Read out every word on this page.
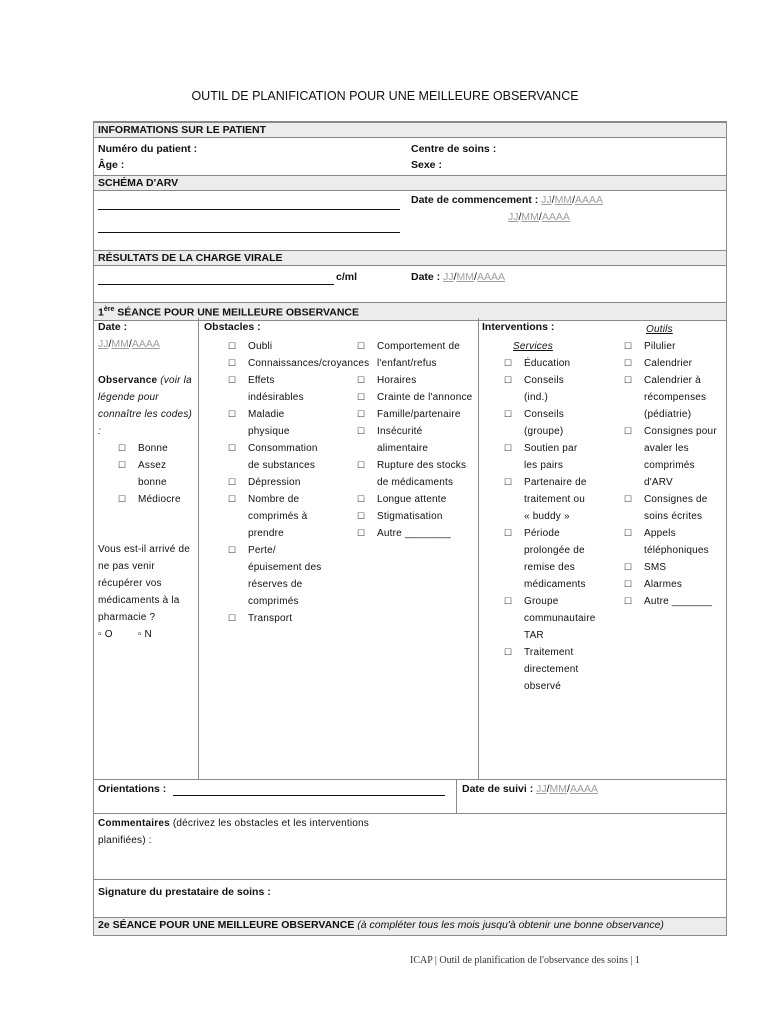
OUTIL DE PLANIFICATION POUR UNE MEILLEURE OBSERVANCE
INFORMATIONS SUR LE PATIENT
Numéro du patient :
Âge :
Centre de soins :
Sexe :
SCHÉMA D'ARV
Date de commencement : JJ/MM/AAAA
JJ/MM/AAAA
RÉSULTATS DE LA CHARGE VIRALE
c/ml	Date : JJ/MM/AAAA
1ère SÉANCE POUR UNE MEILLEURE OBSERVANCE
Date :
JJ/MM/AAAA
Observance (voir la légende pour connaître les codes) :
☐	Bonne
☐	Assez bonne
☐	Médiocre
Vous est-il arrivé de ne pas venir récupérer vos médicaments à la pharmacie ?
▫ O ▫ N
Obstacles :
☐	Oubli
☐	Connaissances/croyances
☐	Effets indésirables
☐	Maladie physique
☐	Consommation de substances
☐	Dépression
☐	Nombre de comprimés à prendre
☐	Perte/épuisement des réserves de comprimés
☐	Transport
☐	Comportement de l'enfant/refus
☐	Horaires
☐	Crainte de l'annonce
☐	Famille/partenaire
☐	Insécurité alimentaire
☐	Rupture des stocks de médicaments
☐	Longue attente
☐	Stigmatisation
☐	Autre ________
Interventions :
Services
Outils
☐	Éducation
☐	Conseils (ind.)
☐	Conseils (groupe)
☐	Soutien par les pairs
☐	Partenaire de traitement ou « buddy »
☐	Période prolongée de remise des médicaments
☐	Groupe communautaire TAR
☐	Traitement directement observé
☐	Pilulier
☐	Calendrier
☐	Calendrier à récompenses (pédiatrie)
☐	Consignes pour avaler les comprimés d'ARV
☐	Consignes de soins écrites
☐	Appels téléphoniques
☐	SMS
☐	Alarmes
☐	Autre _______
Orientations :	Date de suivi : JJ/MM/AAAA
Commentaires (décrivez les obstacles et les interventions planifiées) :
Signature du prestataire de soins :
2e SÉANCE POUR UNE MEILLEURE OBSERVANCE (à compléter tous les mois jusqu'à obtenir une bonne observance)
ICAP | Outil de planification de l'observance des soins | 1
